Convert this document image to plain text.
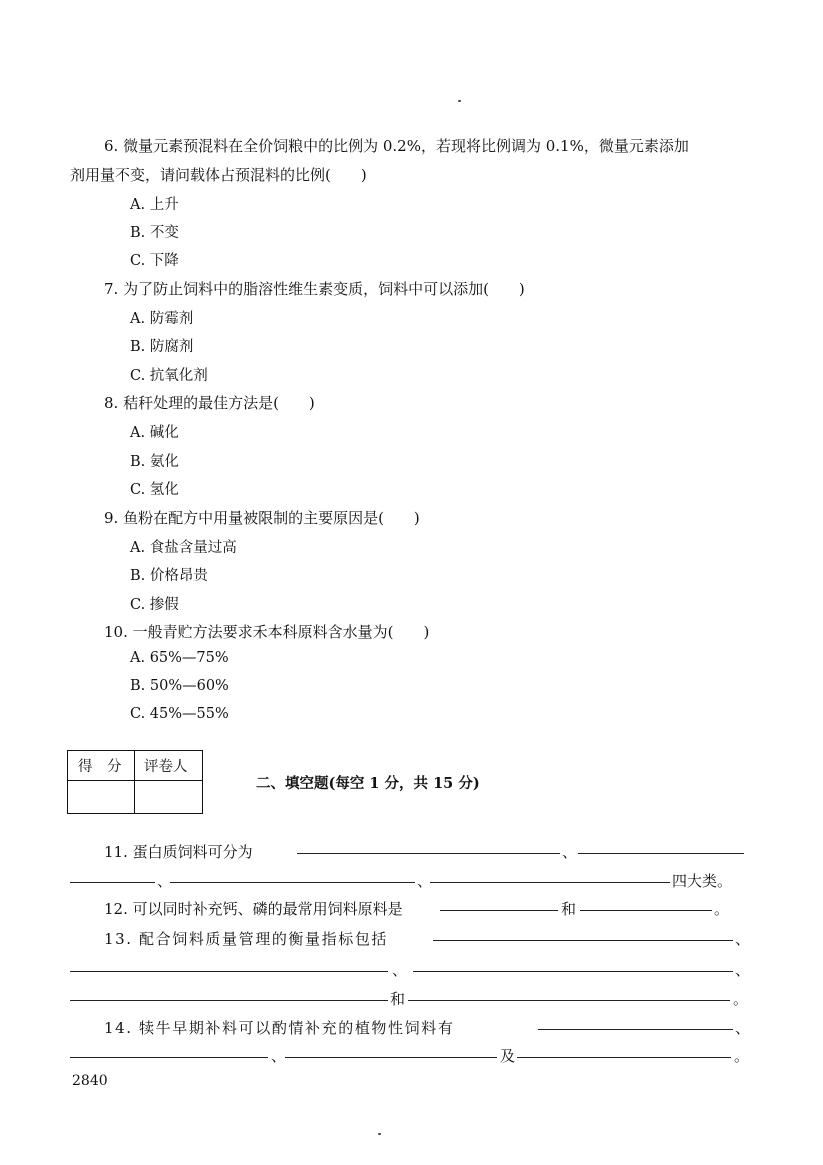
6. 微量元素预混料在全价饲粮中的比例为 0.2%，若现将比例调为 0.1%，微量元素添加
剂用量不变，请问载体占预混料的比例(　　)
A. 上升
B. 不变
C. 下降
7. 为了防止饲料中的脂溶性维生素变质，饲料中可以添加(　　)
A. 防霉剂
B. 防腐剂
C. 抗氧化剂
8. 秸秆处理的最佳方法是(　　)
A. 碱化
B. 氨化
C. 氢化
9. 鱼粉在配方中用量被限制的主要原因是(　　)
A. 食盐含量过高
B. 价格昂贵
C. 掺假
10. 一般青贮方法要求禾本科原料含水量为(　　)
A. 65%—75%
B. 50%—60%
C. 45%—55%
得　分 评卷人
二、填空题(每空 1 分，共 15 分)
11. 蛋白质饲料可分为	、
、	、	四大类。
12. 可以同时补充钙、磷的最常用饲料原料是	和	。
13. 配合饲料质量管理的衡量指标包括	、
、	、
和	。
14. 犊牛早期补料可以酌情补充的植物性饲料有	、
、	及	。
2840
